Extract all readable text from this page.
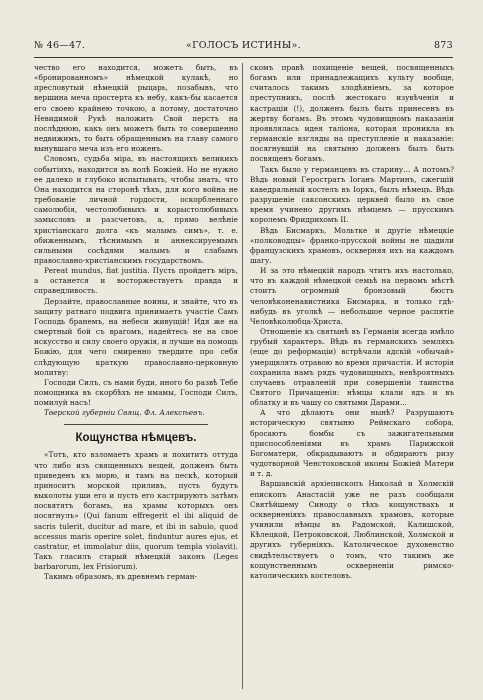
№ 46—47.	«ГОЛОСЪ ИСТИНЫ».	873

чество его находится, можетъ быть, въ «бронированномъ» нѣмецкой кулакѣ, но пресловутый нѣмецкій рыцарь, позабывъ, что вершина меча простерта къ небу, какъ-бы касается его своею крайнею точкою, а потому, достаточно Невидимой Рукѣ наложить Свой перстъ на послѣднюю, какъ онъ можетъ быть то совершенно недвижимъ, то быть обращеннымъ на главу самого вынувшаго меча изъ его ноженъ.

Словомъ, судьба міра, въ настоящихъ великихъ событіяхъ, находится въ волѣ Божіей. Но не нужно ее далеко и глубоко испытывать, чтобы знать, что Она находится на сторонѣ тѣхъ, для кого войнa не требованіе личной гордости, оскорбленнаго самолюбія, честолюбивыхъ и корыстолюбивыхъ замысловъ и разсчетовъ, а, прямо велѣніе христіанскаго долга «къ малымъ симъ», т. е. обиженнымъ, тѣснимымъ и аннексируемымъ сильными сосѣдями малымъ и слабымъ православно-христіанскимъ государствомъ.

Pereat mundus, fiat justitia. Пусть пройдетъ міръ, а останется и восторжествуетъ правда и справедливость.

Дерзайте, православные воины, и знайте, что въ защиту ратнаго подвига принимаетъ участіе Самъ Господь бранемъ, на небеси живущій! Идя же на смертный бой съ врагомъ, надейтесь не на свое искусство и силу своего оружія, и лучше на помощь Божію, для чего смиренно твердите про себя слѣдующую краткую православно-церковную молитву:

Господи Силъ, съ нами буди, иного бо развѣ Тебе помощника въ скорбѣхъ не имамы, Господи Силъ, помилуй насъ!

Тверской губерніи Свящ. Фл. Алексѣевъ.

Кощунства нѣмцевъ.

«Тотъ, кто взломаетъ храмъ и похититъ оттуда что либо изъ священныхъ вещей, долженъ быть приведенъ къ морю, и тамъ на пескѣ, который приноситъ морской приливъ, пусть будутъ выколоты уши его и пусть его кастрируютъ затѣмъ посвятятъ богамъ, на храмы которыхъ онъ посягнулъ» (Qui fanum effregerit el ibi aliquid de sacris tulerit, ducitur ad mare, et ibi in sabulo, quod accessus maris operire solet, finduntur aures ejus, et castratur, et immolatur diis, quorum templa violavit). Такъ гласилъ старый нѣмецкій законъ (Leges barbarorum, lex Frisiorum).

Такимъ образомъ, въ древнемъ герман-

скомъ правѣ похищеніе вещей, посвященныхъ богамъ или принадлежащихъ культу вообще, считалось такимъ злодѣяніемъ, за которое преступникъ, послѣ жестокаго изувѣченія и кастраціи (!), долженъ былъ быть принесенъ въ жертву богамъ. Въ этомъ чудовищномъ наказаніи проявлялась идея таліона, которая проникла въ германскіе взгляды на преступленіе и наказаніе: посягнувшій на святыню долженъ былъ быть посвященъ богамъ.

Такъ было у германцевъ въ старину... А потомъ? Вѣдь новый Геростратъ Іоганъ Мартинъ, сжегшій каведральный костелъ въ Іоркъ, былъ нѣмецъ. Вѣдь разрушеніе саксонскихъ церквей было въ свое время учинено другимъ нѣмцемъ — прусскимъ королемъ Фридрихомъ II.

Вѣдь Бисмаркъ, Мольтке и другіе нѣмецкіе «полководцы» франко-прусской войны не щадили французскихъ храмовъ, оскверняя ихъ на каждомъ шагу.

И за это нѣмецкій народъ чтитъ ихъ настолько, что въ каждой нѣмецкой семьѣ на первомъ мѣстѣ стоитъ огромный бронзовый бюстъ человѣконенавистника Бисмарка, и только гдѣ-нибудь въ уголкѣ — небольшое черное распятіе Человѣколюбца-Христа.

Отношеніе къ святынѣ въ Германіи всегда имѣло грубый характеръ. Вѣдь въ германскихъ земляхъ (еще до реформаціи) встрѣчали адскій «обычай» умерщвлять отравою во время причастія. И исторія сохранила намъ рядъ чудовищныхъ, невѣроятныхъ случаевъ отравленій при совершеніи таинства Святого Причащенія: нѣмцы клали ядъ и въ облатку и въ чашу со святыми Дарами...

А что дѣлаютъ они нынѣ? Разрушаютъ историческую святыню Реймскаго собора, бросаютъ бомбы съ зажигательными приспособленіями въ храмъ Парижской Богоматери, обкрадываютъ и обдираютъ ризу чудотворной Ченстоховской иконы Божіей Матери и т. д.

Варшавскій архіепископъ Николай и Холмскій епископъ Анастасій уже не разъ сообщали Святѣйшему Синоду о тѣхъ кощунствахъ и оскверненіяхъ православныхъ храмовъ, которые учинили нѣмцы въ Радомской, Калишской, Кѣлецкой, Петроковской, Люблинской, Холмской и другихъ губерніяхъ. Католическое духовенство свидѣтельствуетъ о томъ, что такимъ же кощунственнымъ оскверненіи римско-католическихъ костеловъ.
